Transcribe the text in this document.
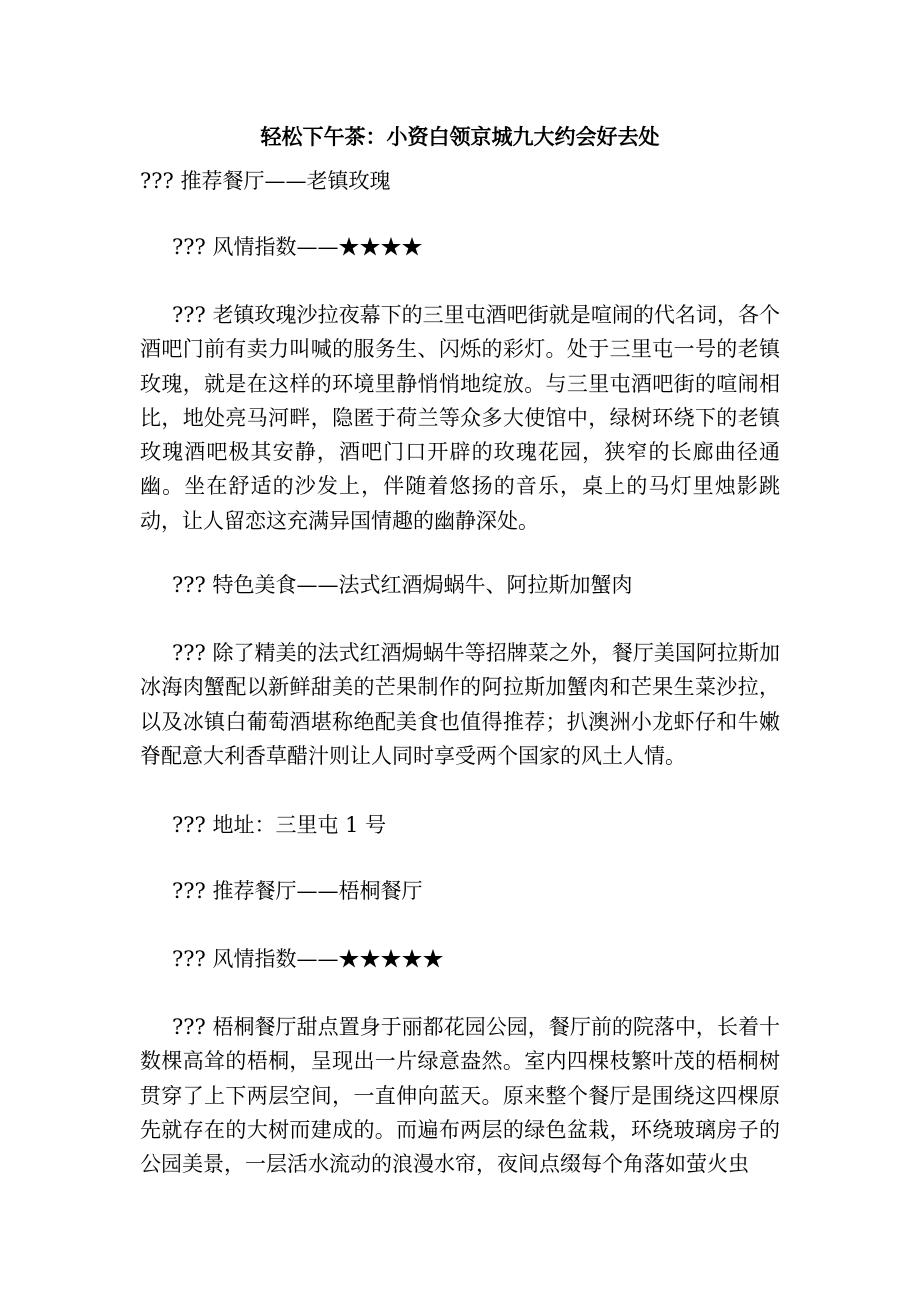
轻松下午茶：小资白领京城九大约会好去处
??? 推荐餐厅——老镇玫瑰
??? 风情指数——★★★★
??? 老镇玫瑰沙拉夜幕下的三里屯酒吧街就是喧闹的代名词，各个酒吧门前有卖力叫喊的服务生、闪烁的彩灯。处于三里屯一号的老镇玫瑰，就是在这样的环境里静悄悄地绽放。与三里屯酒吧街的喧闹相比，地处亮马河畔，隐匿于荷兰等众多大使馆中，绿树环绕下的老镇玫瑰酒吧极其安静，酒吧门口开辟的玫瑰花园，狭窄的长廊曲径通幽。坐在舒适的沙发上，伴随着悠扬的音乐，桌上的马灯里烛影跳动，让人留恋这充满异国情趣的幽静深处。
??? 特色美食——法式红酒焗蜗牛、阿拉斯加蟹肉
??? 除了精美的法式红酒焗蜗牛等招牌菜之外，餐厅美国阿拉斯加冰海肉蟹配以新鲜甜美的芒果制作的阿拉斯加蟹肉和芒果生菜沙拉，以及冰镇白葡萄酒堪称绝配美食也值得推荐；扒澳洲小龙虾仔和牛嫩脊配意大利香草醋汁则让人同时享受两个国家的风土人情。
??? 地址：三里屯 1 号
??? 推荐餐厅——梧桐餐厅
??? 风情指数——★★★★★
??? 梧桐餐厅甜点置身于丽都花园公园，餐厅前的院落中，长着十数棵高耸的梧桐，呈现出一片绿意盎然。室内四棵枝繁叶茂的梧桐树贯穿了上下两层空间，一直伸向蓝天。原来整个餐厅是围绕这四棵原先就存在的大树而建成的。而遍布两层的绿色盆栽，环绕玻璃房子的公园美景，一层活水流动的浪漫水帘，夜间点缀每个角落如萤火虫
